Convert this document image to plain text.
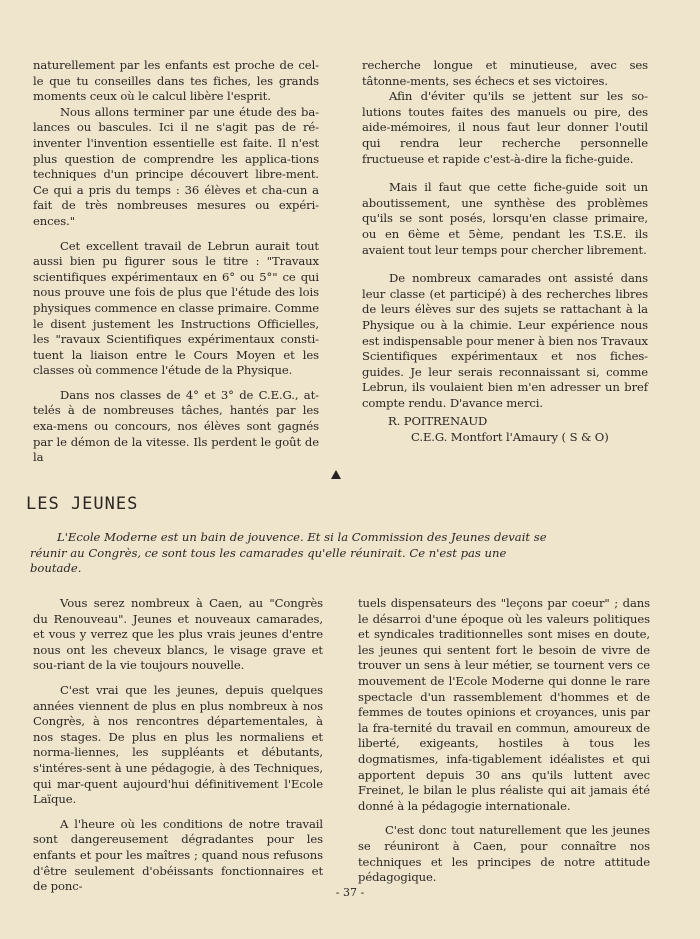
naturellement par les enfants est proche de cel-le que tu conseilles dans tes fiches, les grands moments ceux où le calcul libère l'esprit.

Nous allons terminer par une étude des ba-lances ou bascules. Ici il ne s'agit pas de ré-inventer l'invention essentielle est faite. Il n'est plus question de comprendre les applica-tions techniques d'un principe découvert libre-ment. Ce qui a pris du temps : 36 élèves et cha-cun a fait de très nombreuses mesures ou expéri-ences."

Cet excellent travail de Lebrun aurait tout aussi bien pu figurer sous le titre : "Travaux scientifiques expérimentaux en 6° ou 5°" ce qui nous prouve une fois de plus que l'étude des lois physiques commence en classe primaire. Comme le disent justement les Instructions Officielles, les "ravaux Scientifiques expérimentaux consti-tuent la liaison entre le Cours Moyen et les classes où commence l'étude de la Physique.

Dans nos classes de 4° et 3° de C.E.G., at-telés à de nombreuses tâches, hantés par les exa-mens ou concours, nos élèves sont gagnés par le démon de la vitesse. Ils perdent le goût de la

recherche longue et minutieuse, avec ses tâtonne-ments, ses échecs et ses victoires.

Afin d'éviter qu'ils se jettent sur les so-lutions toutes faites des manuels ou pire, des aide-mémoires, il nous faut leur donner l'outil qui rendra leur recherche personnelle fructueuse et rapide c'est-à-dire la fiche-guide.

Mais il faut que cette fiche-guide soit un aboutissement, une synthèse des problèmes qu'ils se sont posés, lorsqu'en classe primaire, ou en 6ème et 5ème, pendant les T.S.E. ils avaient tout leur temps pour chercher librement.

De nombreux camarades ont assisté dans leur classe (et participé) à des recherches libres de leurs élèves sur des sujets se rattachant à la Physique ou à la chimie. Leur expérience nous est indispensable pour mener à bien nos Travaux Scientifiques expérimentaux et nos fiches-guides. Je leur serais reconnaissant si, comme Lebrun, ils voulaient bien m'en adresser un bref compte rendu. D'avance merci.

R. POITRENAUD

C.E.G. Montfort l'Amaury ( S & O)

LES JEUNES

L'Ecole Moderne est un bain de jouvence. Et si la Commission des Jeunes devait se réunir au Congrès, ce sont tous les camarades qu'elle réunirait. Ce n'est pas une boutade.

Vous serez nombreux à Caen, au "Congrès du Renouveau". Jeunes et nouveaux camarades, et vous y verrez que les plus vrais jeunes d'entre nous ont les cheveux blancs, le visage grave et sou-riant de la vie toujours nouvelle.

C'est vrai que les jeunes, depuis quelques années viennent de plus en plus nombreux à nos Congrès, à nos rencontres départementales, à nos stages. De plus en plus les normaliens et norma-liennes, les suppléants et débutants, s'intéres-sent à une pédagogie, à des Techniques, qui mar-quent aujourd'hui définitivement l'Ecole Laïque.

A l'heure où les conditions de notre travail sont dangereusement dégradantes pour les enfants et pour les maîtres ; quand nous refusons d'être seulement d'obéissants fonctionnaires et de ponc-

tuels dispensateurs des "leçons par coeur" ; dans le désarroi d'une époque où les valeurs politiques et syndicales traditionnelles sont mises en doute, les jeunes qui sentent fort le besoin de vivre de trouver un sens à leur métier, se tournent vers ce mouvement de l'Ecole Moderne qui donne le rare spectacle d'un rassemblement d'hommes et de femmes de toutes opinions et croyances, unis par la fra-ternité du travail en commun, amoureux de liberté, exigeants, hostiles à tous les dogmatismes, infa-tigablement idéalistes et qui apportent depuis 30 ans qu'ils luttent avec Freinet, le bilan le plus réaliste qui ait jamais été donné à la pédagogie internationale.

C'est donc tout naturellement que les jeunes se réuniront à Caen, pour connaître nos techniques et les principes de notre attitude pédagogique.

- 37 -
